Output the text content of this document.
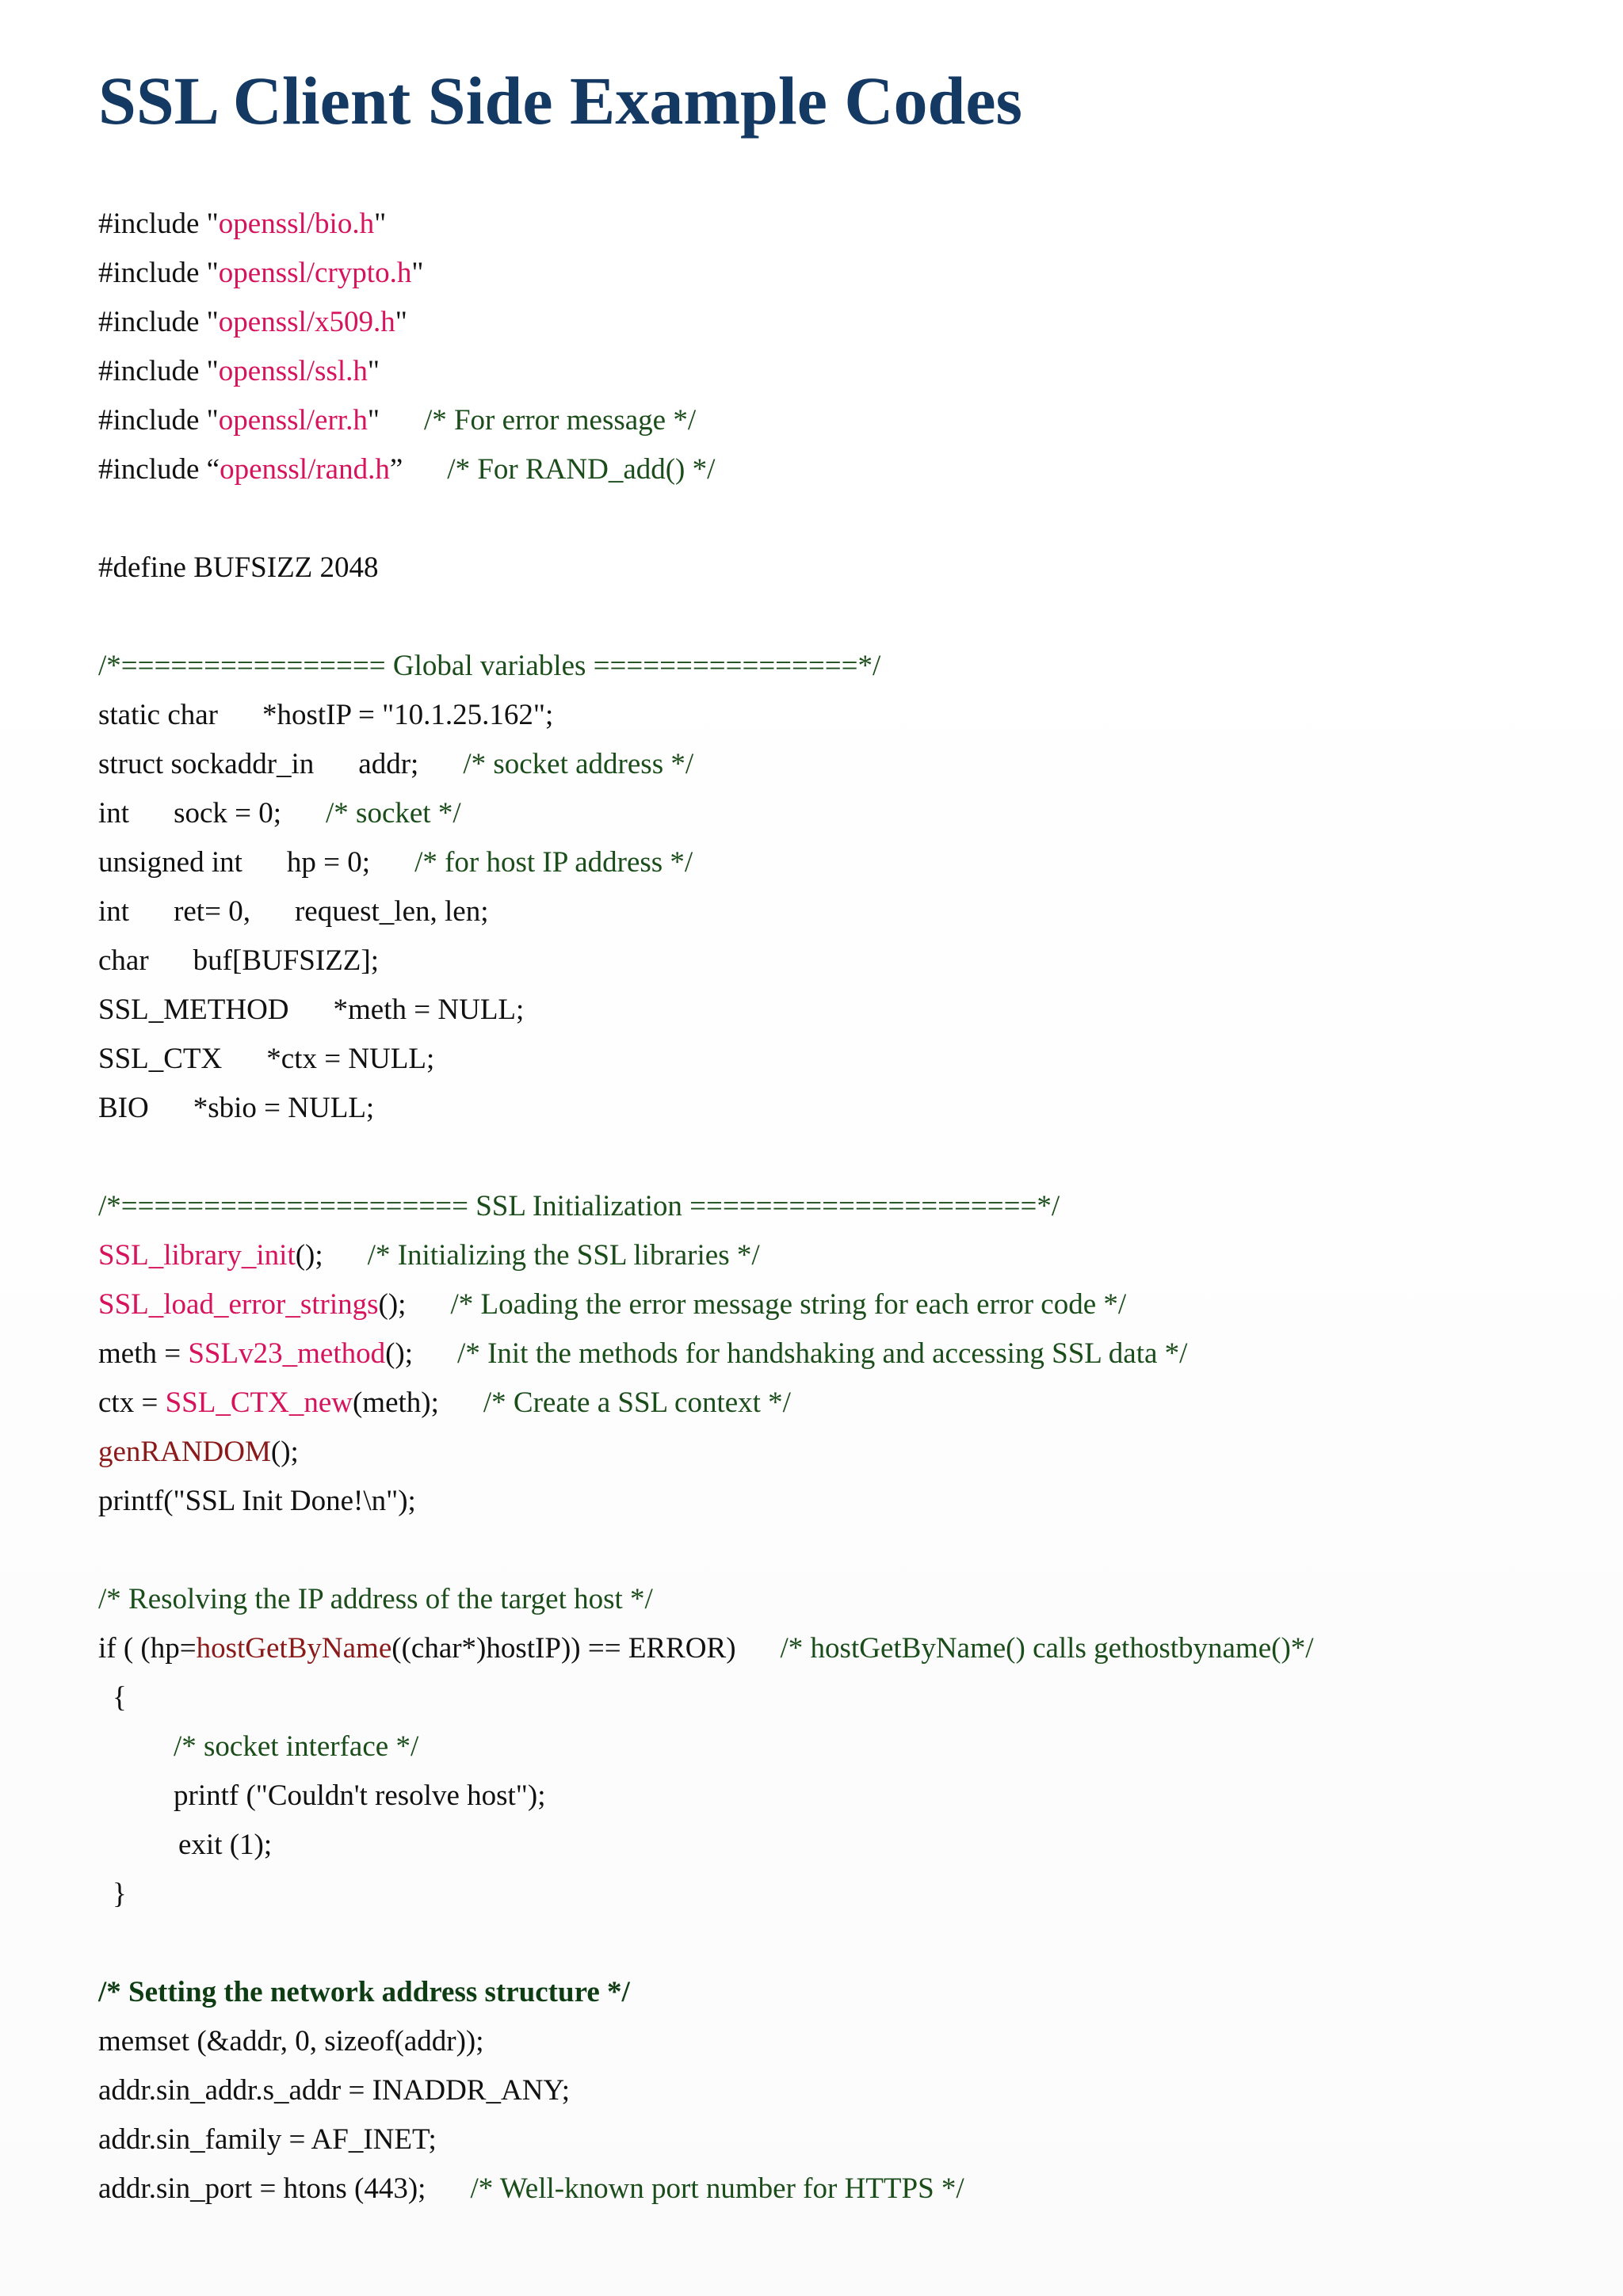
SSL Client Side Example Codes
#include "openssl/bio.h"
#include "openssl/crypto.h"
#include "openssl/x509.h"
#include "openssl/ssl.h"
#include "openssl/err.h" /* For error message */
#include “openssl/rand.h” /* For RAND_add() */
#define BUFSIZZ 2048
/*================ Global variables ================*/
static char *hostIP = "10.1.25.162";
struct sockaddr_in addr; /* socket address */
int sock = 0; /* socket */
unsigned int hp = 0; /* for host IP address */
int ret= 0, request_len, len;
char buf[BUFSIZZ];
SSL_METHOD *meth = NULL;
SSL_CTX *ctx = NULL;
BIO *sbio = NULL;
/*===================== SSL Initialization =====================*/
SSL_library_init(); /* Initializing the SSL libraries */
SSL_load_error_strings(); /* Loading the error message string for each error code */
meth = SSLv23_method(); /* Init the methods for handshaking and accessing SSL data */
ctx = SSL_CTX_new(meth); /* Create a SSL context */
genRANDOM();
printf("SSL Init Done!\n");
/* Resolving the IP address of the target host */
if ( (hp=hostGetByName((char*)hostIP)) == ERROR) /* hostGetByName() calls gethostbyname()*/
{
/* socket interface */
printf ("Couldn't resolve host");
exit (1);
}
/* Setting the network address structure */
memset (&addr, 0, sizeof(addr));
addr.sin_addr.s_addr = INADDR_ANY;
addr.sin_family = AF_INET;
addr.sin_port = htons (443); /* Well-known port number for HTTPS */
